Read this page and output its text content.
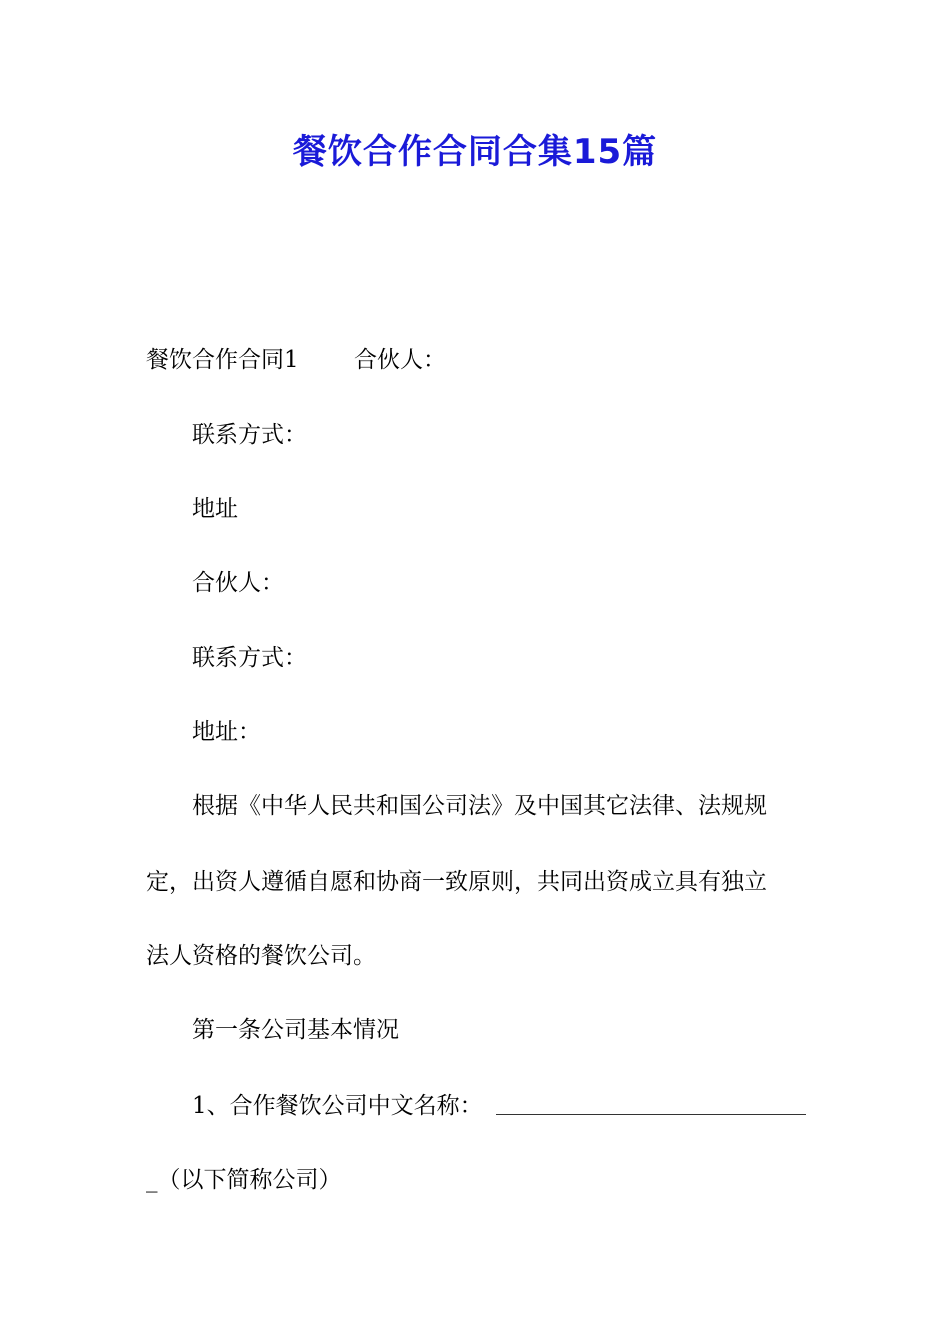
餐饮合作合同合集15篇
餐饮合作合同1 合伙人：
联系方式：
地址
合伙人：
联系方式：
地址：
根据《中华人民共和国公司法》及中国其它法律、法规规
定，出资人遵循自愿和协商一致原则，共同出资成立具有独立
法人资格的餐饮公司。
第一条公司基本情况
1、合作餐饮公司中文名称：
_（以下简称公司）
